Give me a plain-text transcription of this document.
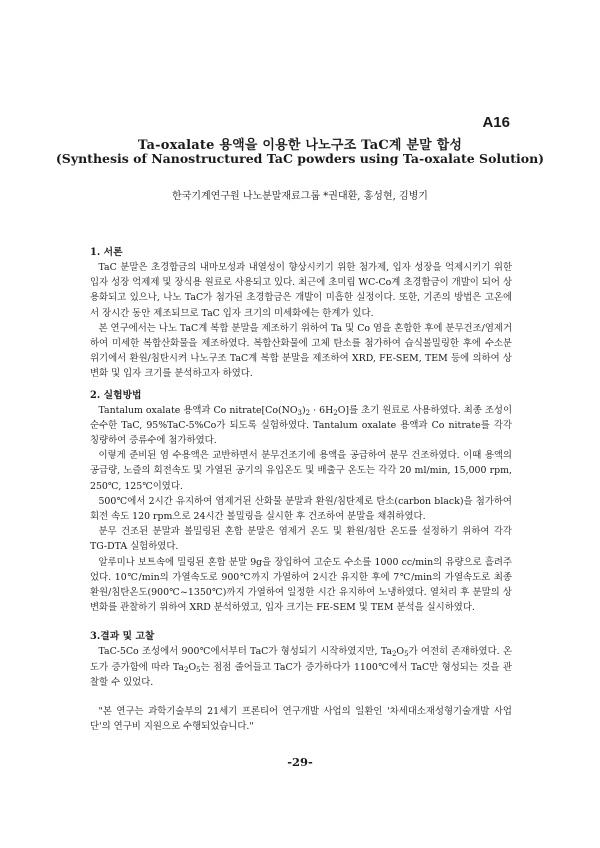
A16
Ta-oxalate 용액을 이용한 나노구조 TaC계 분말 합성
(Synthesis of Nanostructured TaC powders using Ta-oxalate Solution)
한국기계연구원 나노분말재료그룹 *권대환, 홍성현, 김병기

1. 서론

TaC 분말은 초경합금의 내마모성과 내열성이 향상시키기 위한 첨가제, 입자 성장을 억제시키기 위한 입자 성장 억제제 및 장식용 원료로 사용되고 있다. 최근에 초미립 WC-Co계 초경합금이 개발이 되어 상용화되고 있으나, 나노 TaC가 첨가된 초경합금은 개발이 미흡한 실정이다. 또한, 기존의 방법은 고온에서 장시간 동안 제조되므로 TaC 입자 크기의 미세화에는 한계가 있다.

본 연구에서는 나노 TaC계 복합 분말을 제조하기 위하여 Ta 및 Co 염을 혼합한 후에 분무건조/염제거하여 미세한 복합산화물을 제조하였다. 복합산화물에 고체 탄소를 첨가하여 습식볼밀링한 후에 수소분위기에서 환원/침탄시켜 나노구조 TaC계 복합 분말을 제조하여 XRD, FE-SEM, TEM 등에 의하여 상변화 및 입자 크기를 분석하고자 하였다.

2. 실험방법

Tantalum oxalate 용액과 Co $nitrate[Co(NO_3)_2 \cdot 6H_2O]$를 초기 원료로 사용하였다. 최종 조성이 순수한 TaC, 95%TaC-5%Co가 되도록 실험하였다. Tantalum oxalate 용액과 Co nitrate를 각각 칭량하여 증류수에 첨가하였다.

이렇게 준비된 염 수용액은 교반하면서 분무건조기에 용액을 공급하여 분무 건조하였다. 이때 용액의 공급량, 노즐의 회전속도 및 가열된 공기의 유입온도 및 배출구 온도는 각각 20 ml/min, 15,000 rpm, 250℃, 125℃이였다.

500℃에서 2시간 유지하여 염제거된 산화물 분말과 환원/침탄제로 탄소(carbon black)을 첨가하여 회전 속도 120 rpm으로 24시간 볼밀링을 실시한 후 건조하여 분말을 채취하였다.

분무 건조된 분말과 볼밀링된 혼합 분말은 염제거 온도 및 환원/침탄 온도를 설정하기 위하여 각각 TG-DTA 실험하였다.

알루미나 보트속에 밀링된 혼합 분말 9g을 장입하여 고순도 수소를 1000 cc/min의 유량으로 흘려주었다. 10℃/min의 가열속도로 900℃까지 가열하여 2시간 유지한 후에 7℃/min의 가열속도로 최종 환원/침탄온도(900℃~1350℃)까지 가열하여 일정한 시간 유지하여 노냉하였다. 열처리 후 분말의 상변화를 관찰하기 위하여 XRD 분석하였고, 입자 크기는 FE-SEM 및 TEM 분석을 실시하였다.

3.결과 및 고찰

TaC-5Co 조성에서 900℃에서부터 TaC가 형성되기 시작하였지만, $Ta_2O_5$가 여전히 존재하였다. 온도가 증가함에 따라 $Ta_2O_5$는 점점 줄어들고 TaC가 증가하다가 1100℃에서 TaC만 형성되는 것을 관찰할 수 있었다.

"본 연구는 과학기술부의 21세기 프론티어 연구개발 사업의 일환인 '차세대소재성형기술개발 사업단'의 연구비 지원으로 수행되었습니다."

-29-
